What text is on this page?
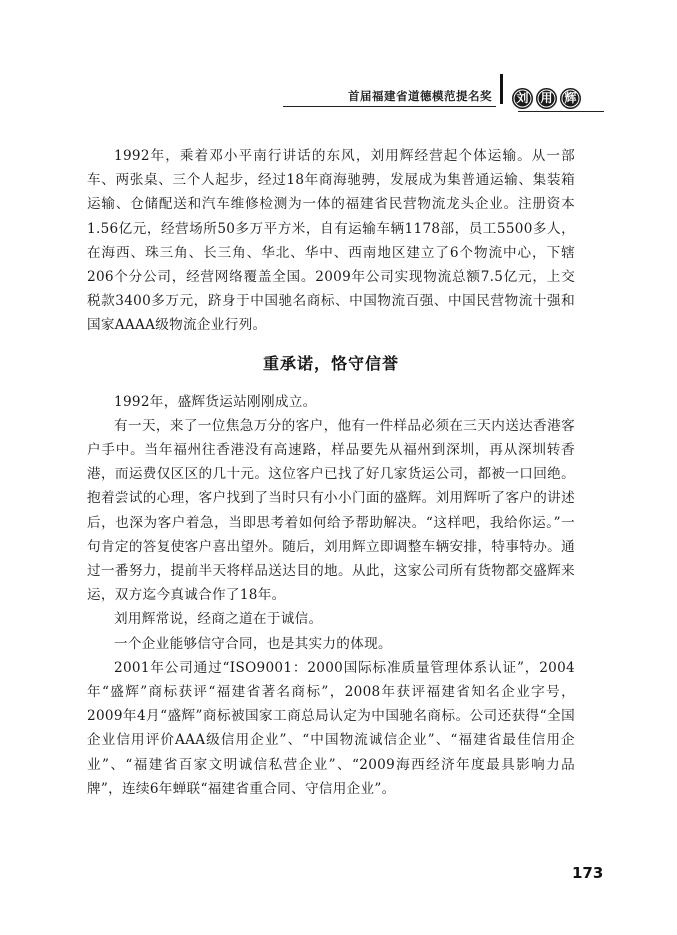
首届福建省道德模范提名奖	刘 用 辉

1992年，乘着邓小平南行讲话的东风，刘用辉经营起个体运输。从一部车、两张桌、三个人起步，经过18年商海驰骋，发展成为集普通运输、集装箱运输、仓储配送和汽车维修检测为一体的福建省民营物流龙头企业。注册资本1.56亿元，经营场所50多万平方米，自有运输车辆1178部，员工5500多人，在海西、珠三角、长三角、华北、华中、西南地区建立了6个物流中心，下辖206个分公司，经营网络覆盖全国。2009年公司实现物流总额7.5亿元，上交税款3400多万元，跻身于中国驰名商标、中国物流百强、中国民营物流十强和国家AAAA级物流企业行列。

重承诺，恪守信誉

1992年，盛辉货运站刚刚成立。

有一天，来了一位焦急万分的客户，他有一件样品必须在三天内送达香港客户手中。当年福州往香港没有高速路，样品要先从福州到深圳，再从深圳转香港，而运费仅区区的几十元。这位客户已找了好几家货运公司，都被一口回绝。抱着尝试的心理，客户找到了当时只有小小门面的盛辉。刘用辉听了客户的讲述后，也深为客户着急，当即思考着如何给予帮助解决。“这样吧，我给你运。”一句肯定的答复使客户喜出望外。随后，刘用辉立即调整车辆安排，特事特办。通过一番努力，提前半天将样品送达目的地。从此，这家公司所有货物都交盛辉来运，双方迄今真诚合作了18年。

刘用辉常说，经商之道在于诚信。

一个企业能够信守合同，也是其实力的体现。

2001年公司通过“ISO9001：2000国际标准质量管理体系认证”，2004年“盛辉”商标获评“福建省著名商标”，2008年获评福建省知名企业字号，2009年4月“盛辉”商标被国家工商总局认定为中国驰名商标。公司还获得“全国企业信用评价AAA级信用企业”、“中国物流诚信企业”、“福建省最佳信用企业”、“福建省百家文明诚信私营企业”、“2009海西经济年度最具影响力品牌”，连续6年蝉联“福建省重合同、守信用企业”。

173
